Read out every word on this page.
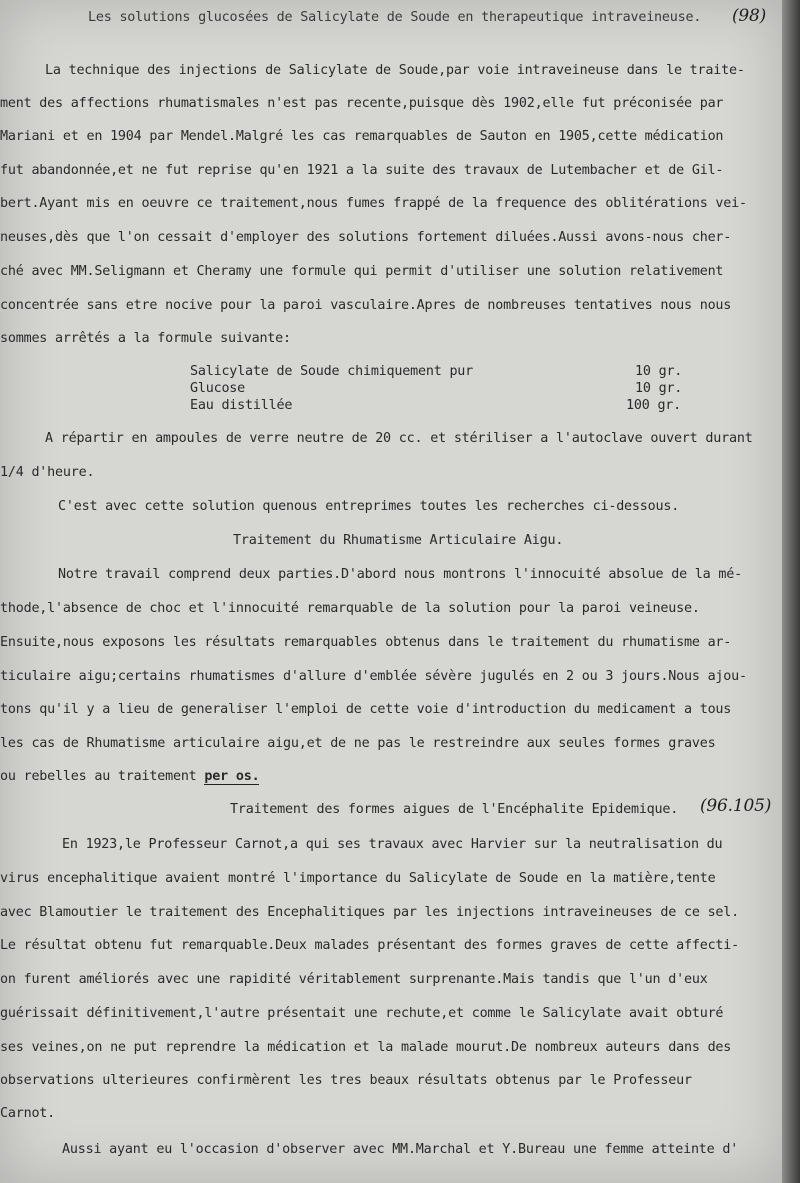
Les solutions glucosées de Salicylate de Soude en therapeutique intraveineuse. (98)
La technique des injections de Salicylate de Soude,par voie intraveineuse dans le traite-
ment des affections rhumatismales n'est pas recente,puisque dès 1902,elle fut préconisée par
Mariani et en 1904 par Mendel.Malgré les cas remarquables de Sauton en 1905,cette médication
fut abandonnée,et ne fut reprise qu'en 1921 a la suite des travaux de Lutembacher et de Gil-
bert.Ayant mis en oeuvre ce traitement,nous fumes frappé de la frequence des oblitérations vei-
neuses,dès que l'on cessait d'employer des solutions fortement diluées.Aussi avons-nous cher-
ché avec MM.Seligmann et Cheramy une formule qui permit d'utiliser une solution relativement
concentrée sans etre nocive pour la paroi vasculaire.Apres de nombreuses tentatives nous nous
sommes arrêtés a la formule suivante:
Salicylate de Soude chimiquement pur	10 gr.
Glucose	10 gr.
Eau distillée	100 gr.
A répartir en ampoules de verre neutre de 20 cc. et stériliser a l'autoclave ouvert durant
1/4 d'heure.
C'est avec cette solution quenous entreprimes toutes les recherches ci-dessous.
Traitement du Rhumatisme Articulaire Aigu.
Notre travail comprend deux parties.D'abord nous montrons l'innocuité absolue de la mé-
thode,l'absence de choc et l'innocuité remarquable de la solution pour la paroi veineuse.
Ensuite,nous exposons les résultats remarquables obtenus dans le traitement du rhumatisme ar-
ticulaire aigu;certains rhumatismes d'allure d'emblée sévère jugulés en 2 ou 3 jours.Nous ajou-
tons qu'il y a lieu de generaliser l'emploi de cette voie d'introduction du medicament a tous
les cas de Rhumatisme articulaire aigu,et de ne pas le restreindre aux seules formes graves
ou rebelles au traitement per os.
Traitement des formes aigues de l'Encéphalite Epidemique. (96.105)
En 1923,le Professeur Carnot,a qui ses travaux avec Harvier sur la neutralisation du
virus encephalitique avaient montré l'importance du Salicylate de Soude en la matière,tente
avec Blamoutier le traitement des Encephalitiques par les injections intraveineuses de ce sel.
Le résultat obtenu fut remarquable.Deux malades présentant des formes graves de cette affecti-
on furent améliorés avec une rapidité véritablement surprenante.Mais tandis que l'un d'eux
guérissait définitivement,l'autre présentait une rechute,et comme le Salicylate avait obturé
ses veines,on ne put reprendre la médication et la malade mourut.De nombreux auteurs dans des
observations ulterieures confirmèrent les tres beaux résultats obtenus par le Professeur
Carnot.
Aussi ayant eu l'occasion d'observer avec MM.Marchal et Y.Bureau une femme atteinte d'
